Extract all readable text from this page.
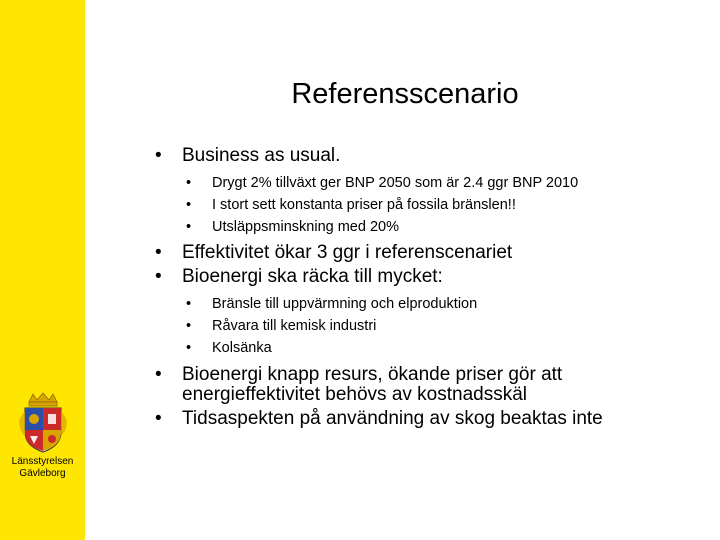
Länsstyrelsen
Gävleborg
Referensscenario
• Business as usual.
• Drygt 2% tillväxt ger BNP 2050 som är 2.4 ggr BNP 2010
• I stort sett konstanta priser på fossila bränslen!!
• Utsläppsminskning med 20%
• Effektivitet ökar 3 ggr i referenscenariet
• Bioenergi ska räcka till mycket:
• Bränsle till uppvärmning och elproduktion
• Råvara till kemisk industri
• Kolsänka
• Bioenergi knapp resurs, ökande priser gör att energieffektivitet behövs av kostnadsskäl
• Tidsaspekten på användning av skog beaktas inte
